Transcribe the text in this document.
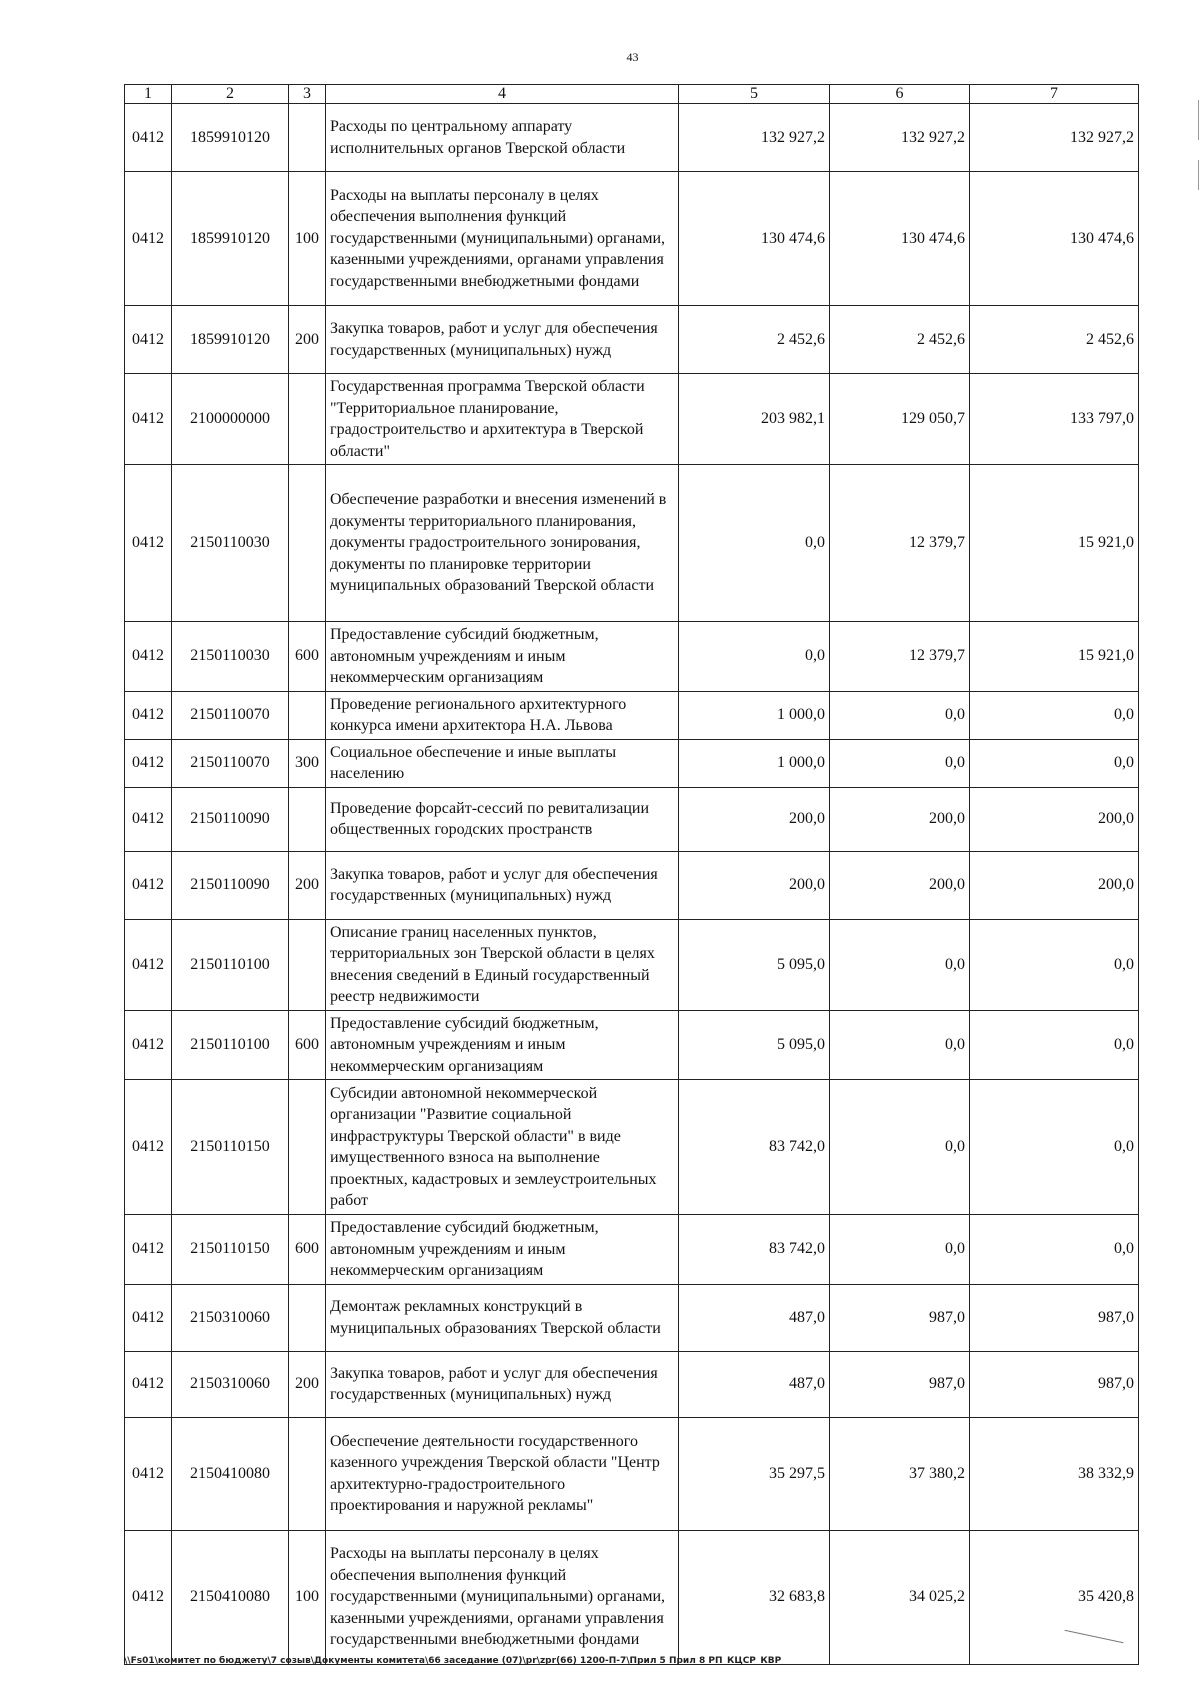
43
1	2	3	4	5	6	7
0412	1859910120		Расходы по центральному аппарату исполнительных органов Тверской области	132 927,2	132 927,2	132 927,2
0412	1859910120	100	Расходы на выплаты персоналу в целях обеспечения выполнения функций государственными (муниципальными) органами, казенными учреждениями, органами управления государственными внебюджетными фондами	130 474,6	130 474,6	130 474,6
0412	1859910120	200	Закупка товаров, работ и услуг для обеспечения государственных (муниципальных) нужд	2 452,6	2 452,6	2 452,6
0412	2100000000		Государственная программа Тверской области "Территориальное планирование, градостроительство и архитектура в Тверской области"	203 982,1	129 050,7	133 797,0
0412	2150110030		Обеспечение разработки и внесения изменений в документы территориального планирования, документы градостроительного зонирования, документы по планировке территории муниципальных образований Тверской области	0,0	12 379,7	15 921,0
0412	2150110030	600	Предоставление субсидий бюджетным, автономным учреждениям и иным некоммерческим организациям	0,0	12 379,7	15 921,0
0412	2150110070		Проведение регионального архитектурного конкурса имени архитектора Н.А. Львова	1 000,0	0,0	0,0
0412	2150110070	300	Социальное обеспечение и иные выплаты населению	1 000,0	0,0	0,0
0412	2150110090		Проведение форсайт-сессий по ревитализации общественных городских пространств	200,0	200,0	200,0
0412	2150110090	200	Закупка товаров, работ и услуг для обеспечения государственных (муниципальных) нужд	200,0	200,0	200,0
0412	2150110100		Описание границ населенных пунктов, территориальных зон Тверской области в целях внесения сведений в Единый государственный реестр недвижимости	5 095,0	0,0	0,0
0412	2150110100	600	Предоставление субсидий бюджетным, автономным учреждениям и иным некоммерческим организациям	5 095,0	0,0	0,0
0412	2150110150		Субсидии автономной некоммерческой организации "Развитие социальной инфраструктуры Тверской области" в виде имущественного взноса на выполнение проектных, кадастровых и землеустроительных работ	83 742,0	0,0	0,0
0412	2150110150	600	Предоставление субсидий бюджетным, автономным учреждениям и иным некоммерческим организациям	83 742,0	0,0	0,0
0412	2150310060		Демонтаж рекламных конструкций в муниципальных образованиях Тверской области	487,0	987,0	987,0
0412	2150310060	200	Закупка товаров, работ и услуг для обеспечения государственных (муниципальных) нужд	487,0	987,0	987,0
0412	2150410080		Обеспечение деятельности государственного казенного учреждения Тверской области "Центр архитектурно-градостроительного проектирования и наружной рекламы"	35 297,5	37 380,2	38 332,9
0412	2150410080	100	Расходы на выплаты персоналу в целях обеспечения выполнения функций государственными (муниципальными) органами, казенными учреждениями, органами управления государственными внебюджетными фондами	32 683,8	34 025,2	35 420,8
\\Fs01\комитет по бюджету\7 созыв\Документы комитета\66 заседание (07)\pr\zpr(66) 1200-П-7\Прил 5 Прил 8 РП_КЦСР_КВР
